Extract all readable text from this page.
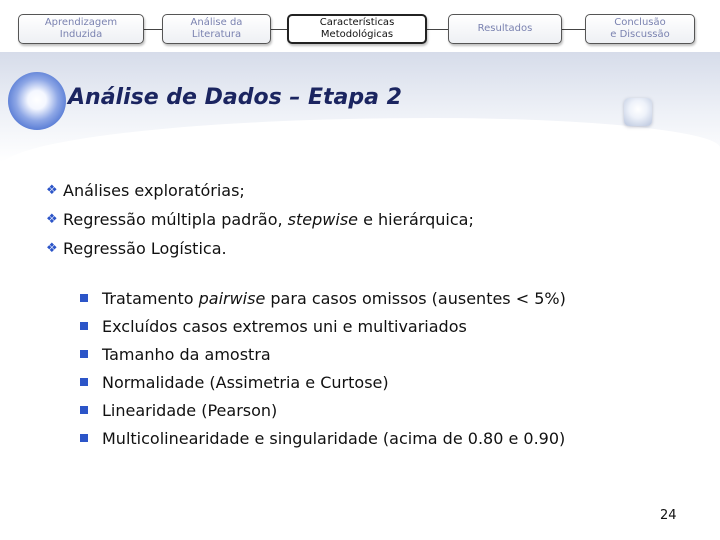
Aprendizagem
Induzida
Análise da
Literatura
Características
Metodológicas
Resultados
Conclusão
e Discussão
Análise de Dados – Etapa 2
❖ Análises exploratórias;
❖ Regressão múltipla padrão, stepwise e hierárquica;
❖ Regressão Logística.
Tratamento pairwise para casos omissos (ausentes < 5%)
Excluídos casos extremos uni e multivariados
Tamanho da amostra
Normalidade (Assimetria e Curtose)
Linearidade (Pearson)
Multicolinearidade e singularidade (acima de 0.80 e 0.90)
24
